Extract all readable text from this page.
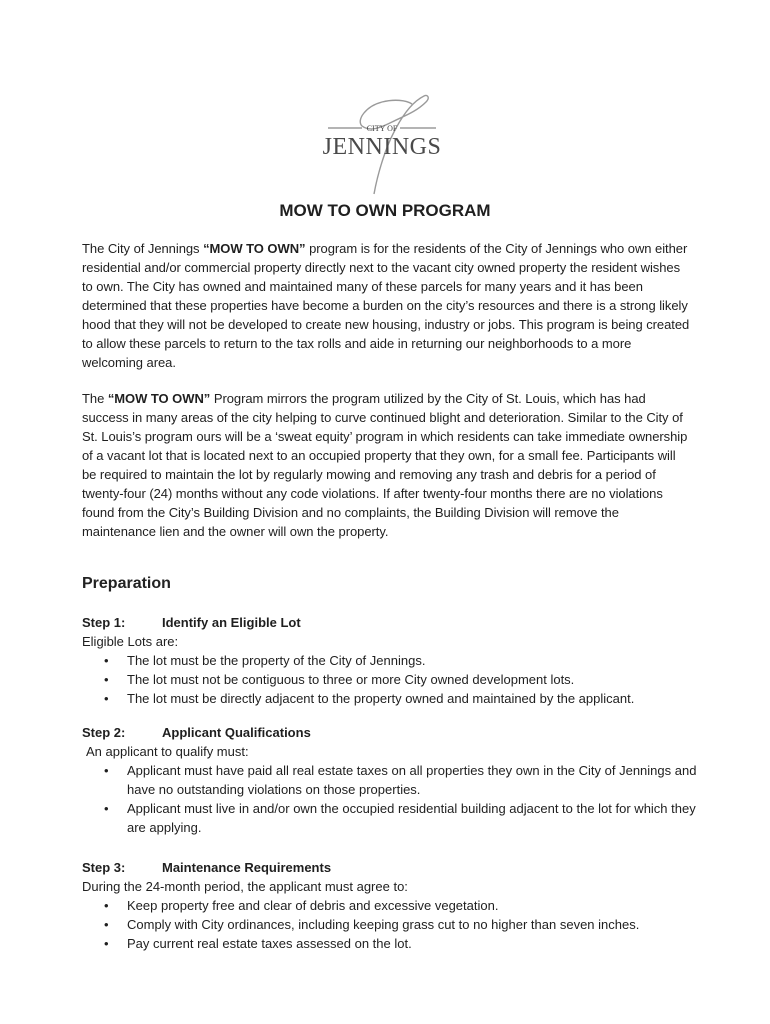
CITY OF
JENNINGS
MOW TO OWN PROGRAM

The City of Jennings “MOW TO OWN” program is for the residents of the City of Jennings who own either residential and/or commercial property directly next to the vacant city owned property the resident wishes to own. The City has owned and maintained many of these parcels for many years and it has been determined that these properties have become a burden on the city’s resources and there is a strong likely hood that they will not be developed to create new housing, industry or jobs. This program is being created to allow these parcels to return to the tax rolls and aide in returning our neighborhoods to a more welcoming area.

The “MOW TO OWN” Program mirrors the program utilized by the City of St. Louis, which has had success in many areas of the city helping to curve continued blight and deterioration. Similar to the City of St. Louis’s program ours will be a ‘sweat equity’ program in which residents can take immediate ownership of a vacant lot that is located next to an occupied property that they own, for a small fee. Participants will be required to maintain the lot by regularly mowing and removing any trash and debris for a period of twenty-four (24) months without any code violations. If after twenty-four months there are no violations found from the City’s Building Division and no complaints, the Building Division will remove the maintenance lien and the owner will own the property.

Preparation
Step 1:	Identify an Eligible Lot

Eligible Lots are:

• The lot must be the property of the City of Jennings.
• The lot must not be contiguous to three or more City owned development lots.
• The lot must be directly adjacent to the property owned and maintained by the applicant.
Step 2:	Applicant Qualifications

An applicant to qualify must:

• Applicant must have paid all real estate taxes on all properties they own in the City of Jennings and have no outstanding violations on those properties.
• Applicant must live in and/or own the occupied residential building adjacent to the lot for which they are applying.
Step 3:	Maintenance Requirements

During the 24-month period, the applicant must agree to:

• Keep property free and clear of debris and excessive vegetation.
• Comply with City ordinances, including keeping grass cut to no higher than seven inches.
• Pay current real estate taxes assessed on the lot.
